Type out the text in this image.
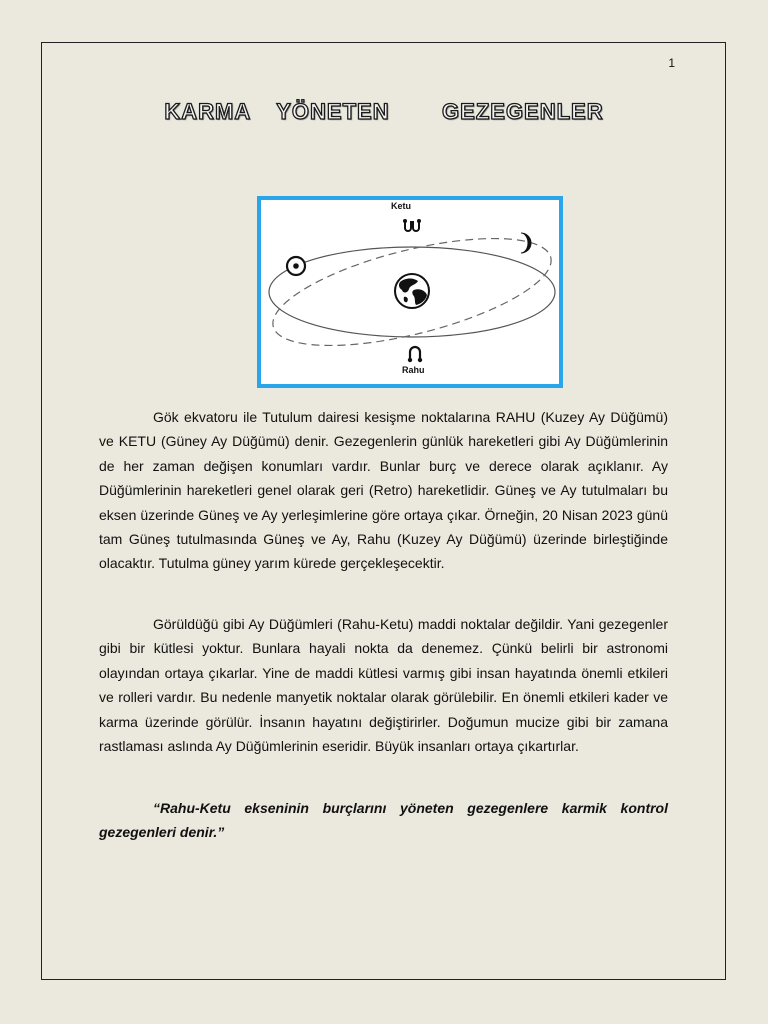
1
KARMA  YÖNETEN    GEZEGENLER
Ketu
Rahu

Gök ekvatoru ile Tutulum dairesi kesişme noktalarına RAHU (Kuzey Ay Düğümü) ve KETU (Güney Ay Düğümü) denir. Gezegenlerin günlük hareketleri gibi Ay Düğümlerinin de her zaman değişen konumları vardır. Bunlar burç ve derece olarak açıklanır. Ay Düğümlerinin hareketleri genel olarak geri (Retro) hareketlidir. Güneş ve Ay tutulmaları bu eksen üzerinde Güneş ve Ay yerleşimlerine göre ortaya çıkar. Örneğin, 20 Nisan 2023 günü tam Güneş tutulmasında Güneş ve Ay, Rahu (Kuzey Ay Düğümü) üzerinde birleştiğinde olacaktır. Tutulma güney yarım kürede gerçekleşecektir.

Görüldüğü gibi Ay Düğümleri (Rahu-Ketu) maddi noktalar değildir. Yani gezegenler gibi bir kütlesi yoktur. Bunlara hayali nokta da denemez. Çünkü belirli bir astronomi olayından ortaya çıkarlar. Yine de maddi kütlesi varmış gibi insan hayatında önemli etkileri ve rolleri vardır. Bu nedenle manyetik noktalar olarak görülebilir. En önemli etkileri kader ve karma üzerinde görülür. İnsanın hayatını değiştirirler. Doğumun mucize gibi bir zamana rastlaması aslında Ay Düğümlerinin eseridir. Büyük insanları ortaya çıkartırlar.

“Rahu-Ketu ekseninin burçlarını yöneten gezegenlere karmik kontrol gezegenleri denir.”
